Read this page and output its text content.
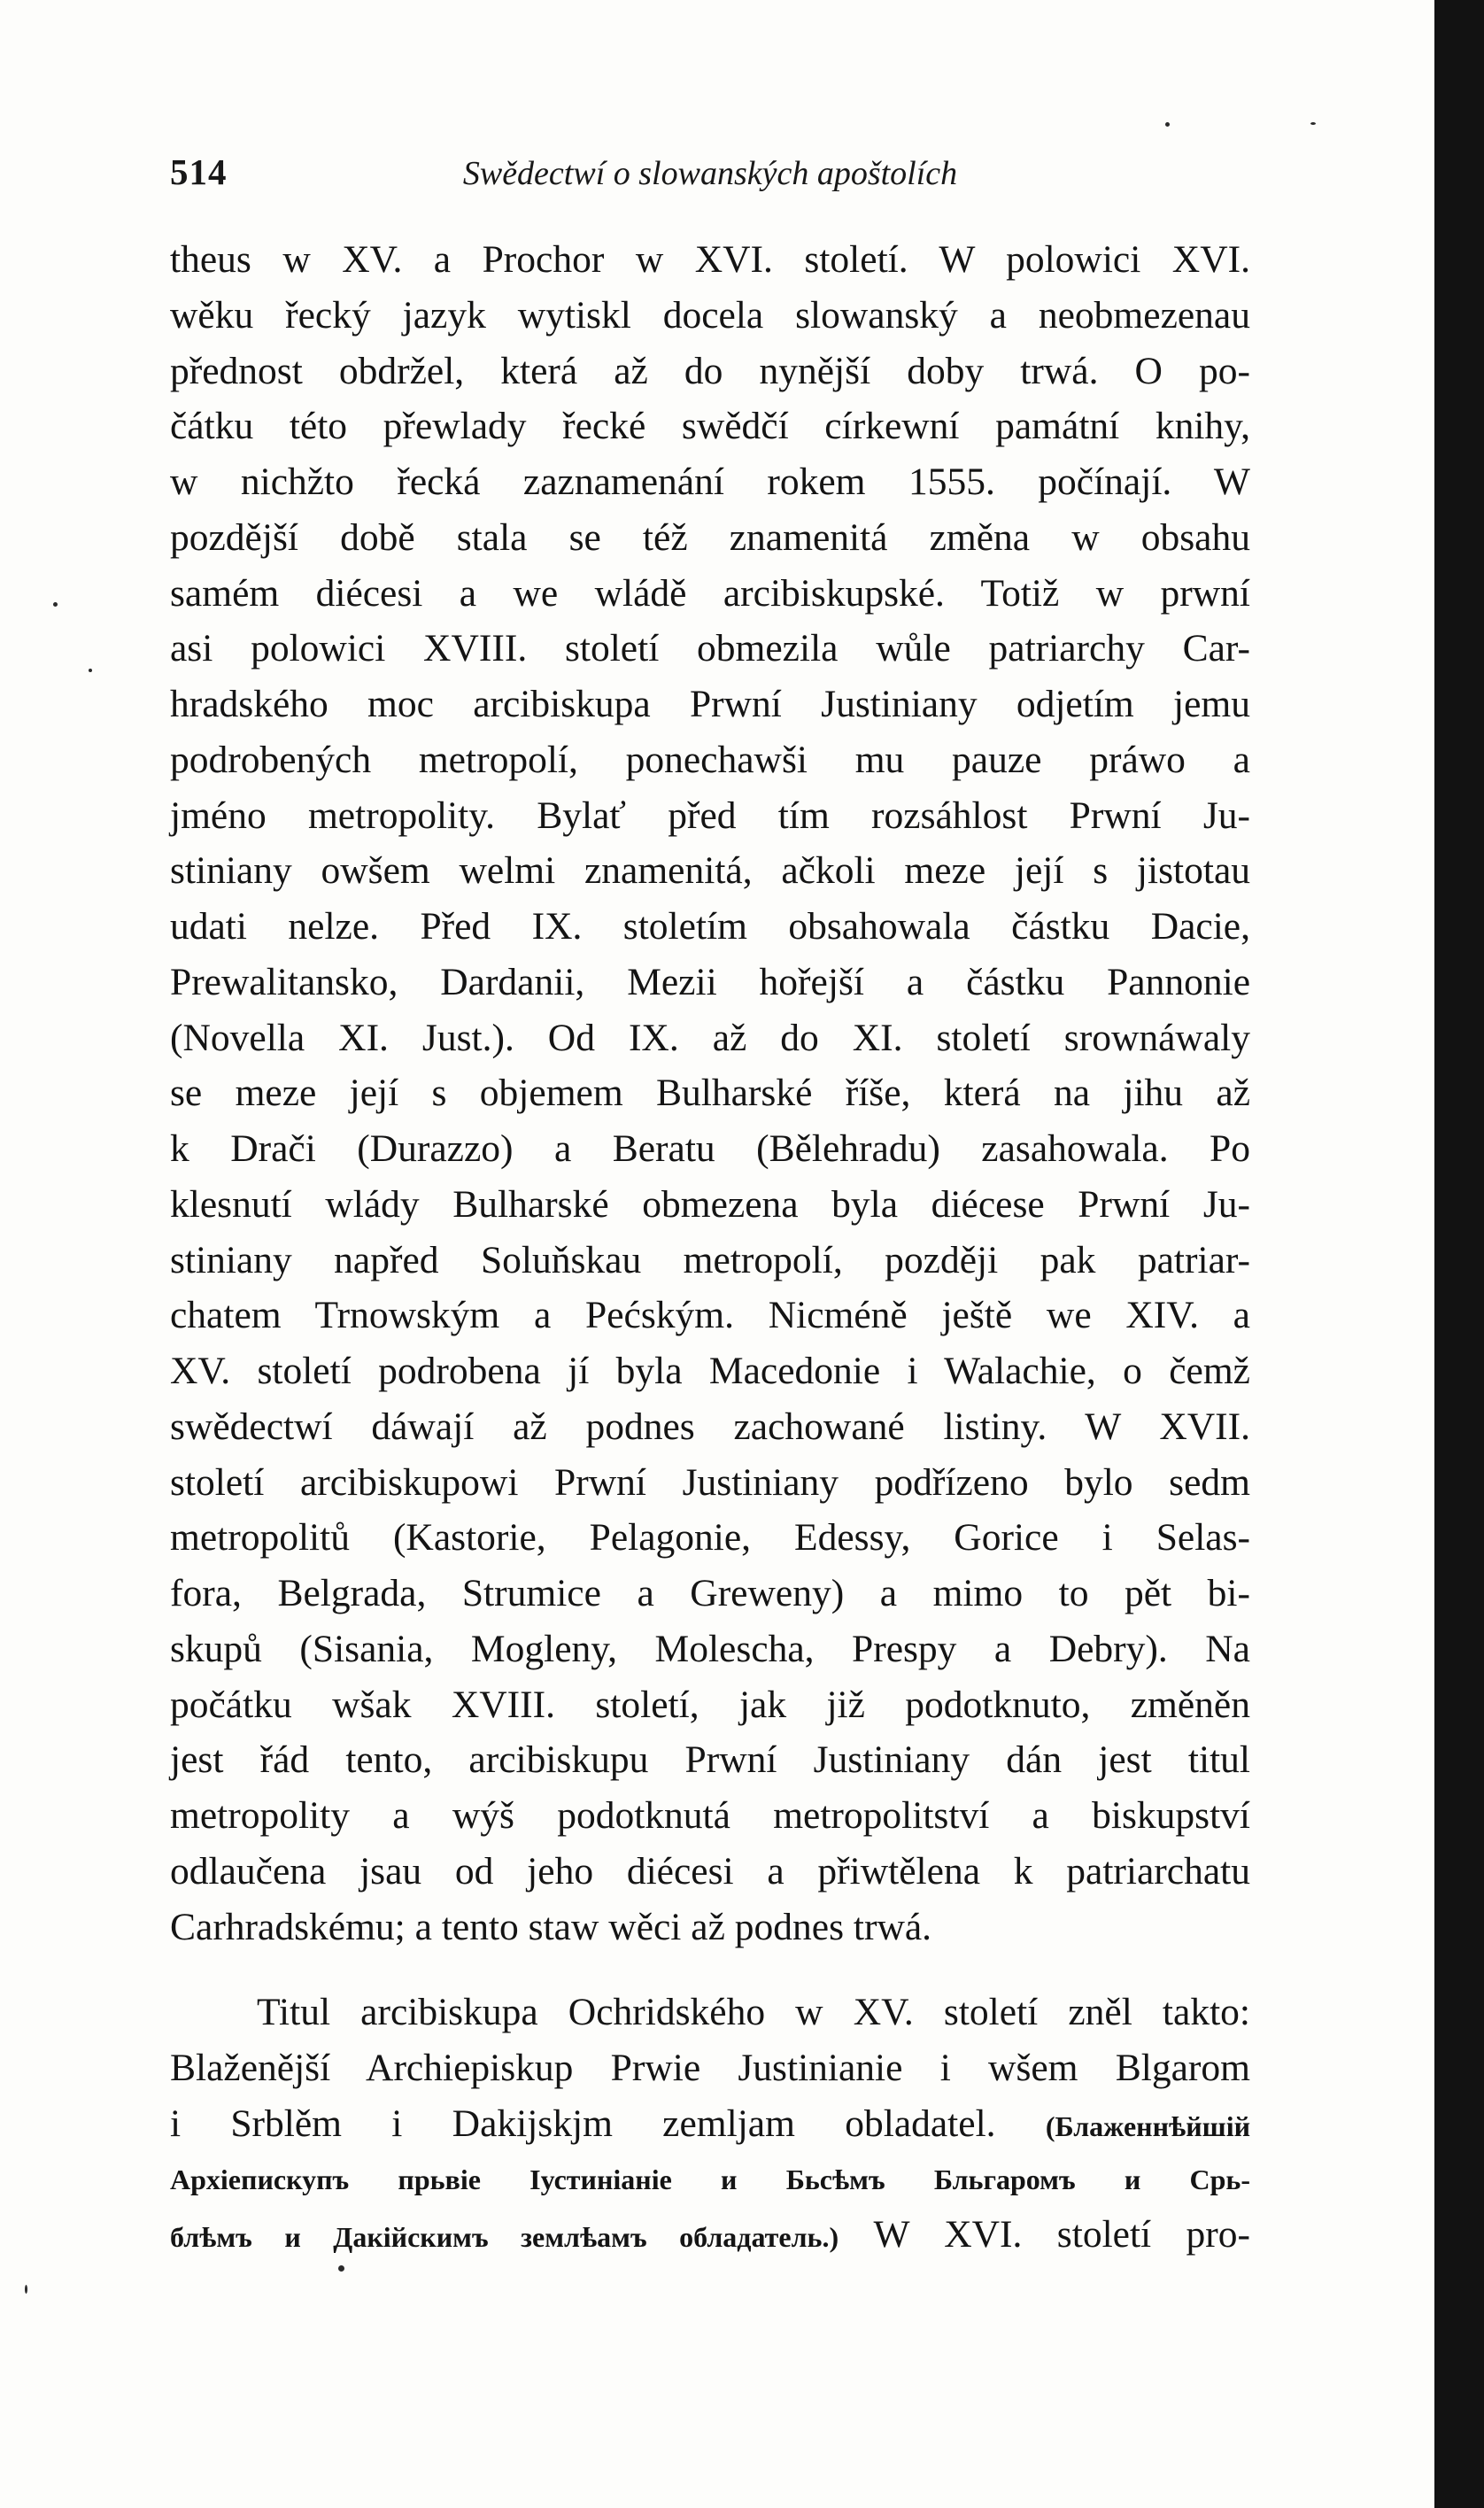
514	Swědectwí o slowanských apoštolích
theus w XV. a Prochor w XVI. století. W polowici XVI.
wěku řecký jazyk wytiskl docela slowanský a neobmezenau
přednost obdržel, která až do nynější doby trwá. O po-
čátku této přewlady řecké swědčí církewní památní knihy,
w nichžto řecká zaznamenání rokem 1555. počínají. W
pozdější době stala se též znamenitá změna w obsahu
samém diécesi a we wládě arcibiskupské. Totiž w prwní
asi polowici XVIII. století obmezila wůle patriarchy Car-
hradského moc arcibiskupa Prwní Justiniany odjetím jemu
podrobených metropolí, ponechawši mu pauze práwo a
jméno metropolity. Bylať před tím rozsáhlost Prwní Ju-
stiniany owšem welmi znamenitá, ačkoli meze její s jistotau
udati nelze. Před IX. stoletím obsahowala částku Dacie,
Prewalitansko, Dardanii, Mezii hořejší a částku Pannonie
(Novella XI. Just.). Od IX. až do XI. století srownáwaly
se meze její s objemem Bulharské říše, která na jihu až
k Drači (Durazzo) a Beratu (Bělehradu) zasahowala. Po
klesnutí wlády Bulharské obmezena byla diécese Prwní Ju-
stiniany napřed Soluňskau metropolí, později pak patriar-
chatem Trnowským a Pećským. Nicméně ještě we XIV. a
XV. století podrobena jí byla Macedonie i Walachie, o čemž
swědectwí dáwají až podnes zachowané listiny. W XVII.
století arcibiskupowi Prwní Justiniany podřízeno bylo sedm
metropolitů (Kastorie, Pelagonie, Edessy, Gorice i Selas-
fora, Belgrada, Strumice a Greweny) a mimo to pět bi-
skupů (Sisania, Mogleny, Molescha, Prespy a Debry). Na
počátku wšak XVIII. století, jak již podotknuto, změněn
jest řád tento, arcibiskupu Prwní Justiniany dán jest titul
metropolity a wýš podotknutá metropolitství a biskupství
odlaučena jsau od jeho diécesi a přiwtělena k patriarchatu
Carhradskému; a tento staw wěci až podnes trwá.
Titul arcibiskupa Ochridského w XV. století zněl takto:
Blaženější Archiepiskup Prwie Justinianie i wšem Blgarom
i Srblěm i Dakijskjm zemljam obladatel. (Блаженнѣйшій
Архіепискупъ прьвіе Іустиніаніе и Бьсѣмъ Бльгаромъ и Срь-
блѣмъ и Дакійскимъ землѣамъ обладатель.) W XVI. století pro-
